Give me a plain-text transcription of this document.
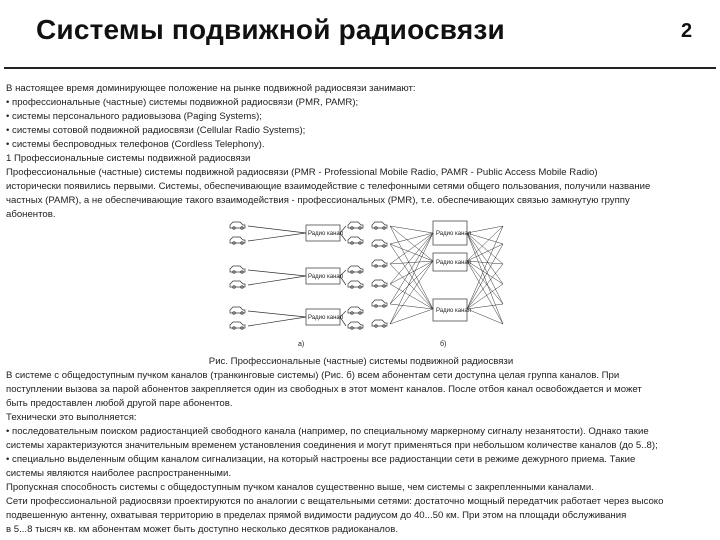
Системы подвижной радиосвязи	2

В настоящее время доминирующее положение на рынке подвижной радиосвязи занимают:

• профессиональные (частные) системы подвижной радиосвязи (PMR, PAMR);

• системы персонального радиовызова (Paging Systems);

• системы сотовой подвижной радиосвязи (Cellular Radio Systems);

• системы беспроводных телефонов (Cordless Telephony).

1 Профессиональные системы подвижной радиосвязи

Профессиональные (частные) системы подвижной радиосвязи (PMR - Professional Mobile Radio, PAMR - Public Access Mobile Radio)

исторически появились первыми. Системы, обеспечивающие взаимодействие с телефонными сетями общего пользования, получили название

частных (PAMR), а не обеспечивающие такого взаимодействия - профессиональных (PMR), т.е. обеспечивающих связью замкнутую группу

абонентов.

Радио канал
Радио канал
Радио канал
а)
Радио канал
Радио канал
Радио канал
б)

Рис. Профессиональные (частные) системы подвижной радиосвязи

В системе с общедоступным пучком каналов (транкинговые системы) (Рис. б) всем абонентам сети доступна целая группа каналов. При

поступлении вызова за парой абонентов закрепляется один из свободных в этот момент каналов. После отбоя канал освобождается и может

быть предоставлен любой другой паре абонентов.

Технически это выполняется:

• последовательным поиском радиостанцией свободного канала (например, по специальному маркерному сигналу незанятости). Однако такие

системы характеризуются значительным временем установления соединения и могут применяться при небольшом количестве каналов (до 5..8);

• специально выделенным общим каналом сигнализации, на который настроены все радиостанции сети в режиме дежурного приема. Такие

системы являются наиболее распространенными.

Пропускная способность системы с общедоступным пучком каналов существенно выше, чем системы с закрепленными каналами.

Сети профессиональной радиосвязи проектируются по аналогии с вещательными сетями: достаточно мощный передатчик работает через высоко

подвешенную антенну, охватывая территорию в пределах прямой видимости радиусом до 40...50 км. При этом на площади обслуживания

в 5...8 тысяч кв. км абонентам может быть доступно несколько десятков радиоканалов.
